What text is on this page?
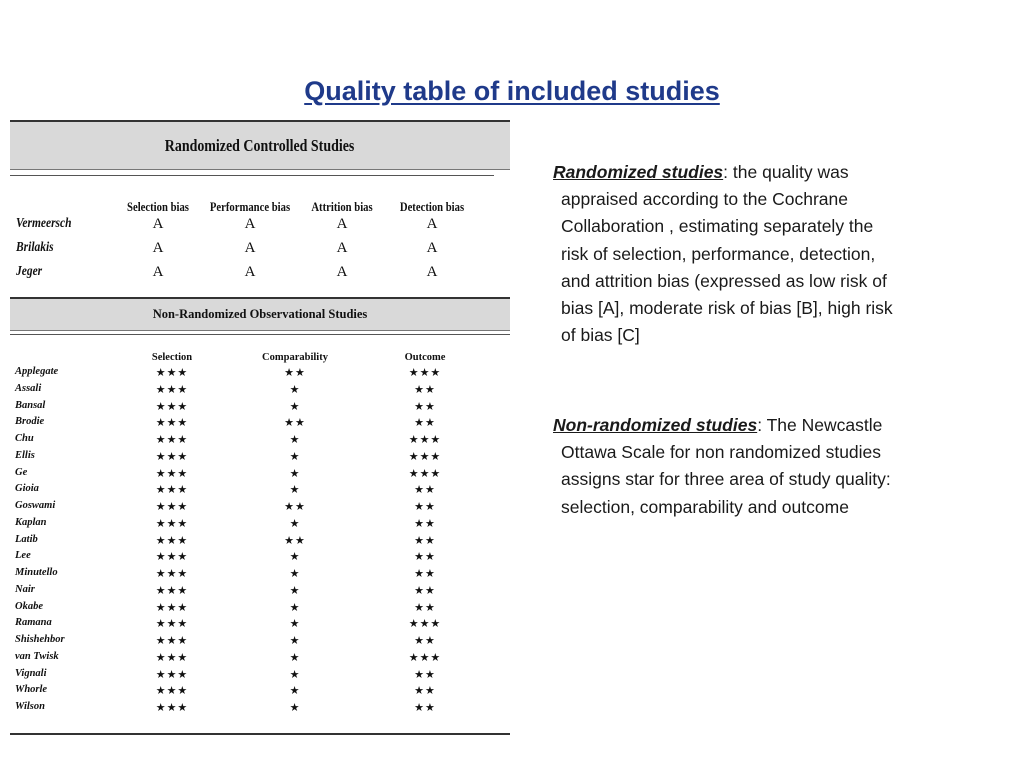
Quality table of included studies
Randomized Controlled Studies
Selection bias Performance bias Attrition bias Detection bias
Vermeersch	A	A	A	A
Brilakis	A	A	A	A
Jeger	A	A	A	A
Non-Randomized Observational Studies
Selection	Comparability	Outcome
Applegate	★★★	★★	★★★
Assali	★★★	★	★★
Bansal	★★★	★	★★
Brodie	★★★	★★	★★
Chu	★★★	★	★★★
Ellis	★★★	★	★★★
Ge	★★★	★	★★★
Gioia	★★★	★	★★
Goswami	★★★	★★	★★
Kaplan	★★★	★	★★
Latib	★★★	★★	★★
Lee	★★★	★	★★
Minutello	★★★	★	★★
Nair	★★★	★	★★
Okabe	★★★	★	★★
Ramana	★★★	★	★★★
Shishehbor	★★★	★	★★
van Twisk	★★★	★	★★★
Vignali	★★★	★	★★
Whorle	★★★	★	★★
Wilson	★★★	★	★★
Randomized studies: the quality was
appraised according to the Cochrane
Collaboration , estimating separately the
risk of selection, performance, detection,
and attrition bias (expressed as low risk of
bias [A], moderate risk of bias [B], high risk
of bias [C]
Non-randomized studies: The Newcastle
Ottawa Scale for non randomized studies
assigns star for three area of study quality:
selection, comparability and outcome
